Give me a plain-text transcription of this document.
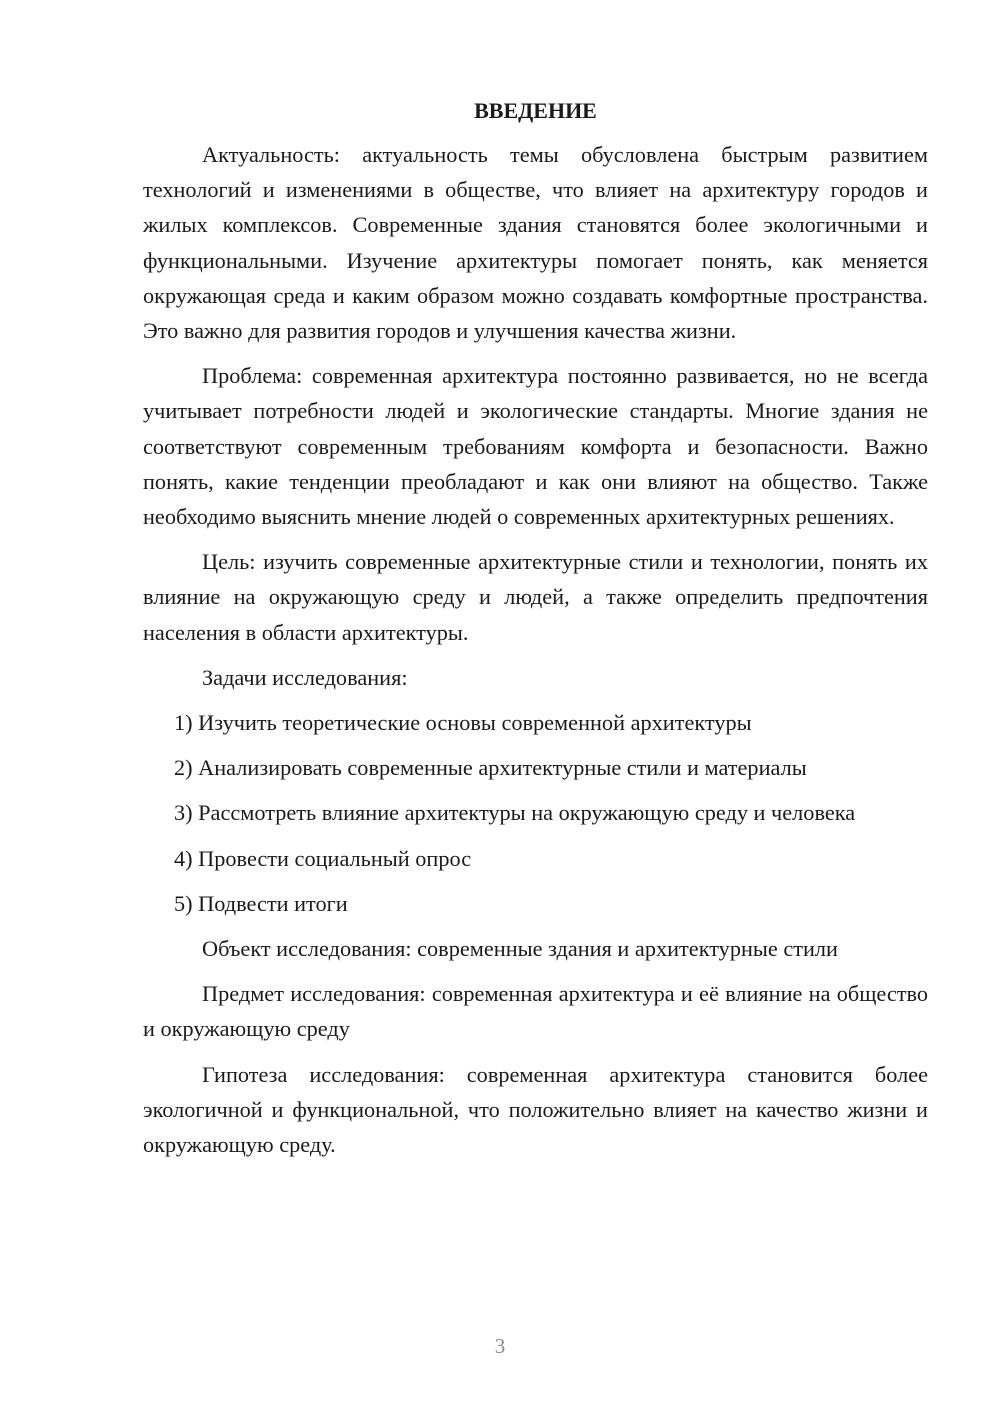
ВВЕДЕНИЕ

Актуальность: актуальность темы обусловлена быстрым развитием технологий и изменениями в обществе, что влияет на архитектуру городов и жилых комплексов. Современные здания становятся более экологичными и функциональными. Изучение архитектуры помогает понять, как меняется окружающая среда и каким образом можно создавать комфортные пространства. Это важно для развития городов и улучшения качества жизни.

Проблема: современная архитектура постоянно развивается, но не всегда учитывает потребности людей и экологические стандарты. Многие здания не соответствуют современным требованиям комфорта и безопасности. Важно понять, какие тенденции преобладают и как они влияют на общество. Также необходимо выяснить мнение людей о современных архитектурных решениях.

Цель: изучить современные архитектурные стили и технологии, понять их влияние на окружающую среду и людей, а также определить предпочтения населения в области архитектуры.

Задачи исследования:

1) Изучить теоретические основы современной архитектуры

2) Анализировать современные архитектурные стили и материалы

3) Рассмотреть влияние архитектуры на окружающую среду и человека

4) Провести социальный опрос

5) Подвести итоги

Объект исследования: современные здания и архитектурные стили

Предмет исследования: современная архитектура и её влияние на общество и окружающую среду

Гипотеза исследования: современная архитектура становится более экологичной и функциональной, что положительно влияет на качество жизни и окружающую среду.

3
